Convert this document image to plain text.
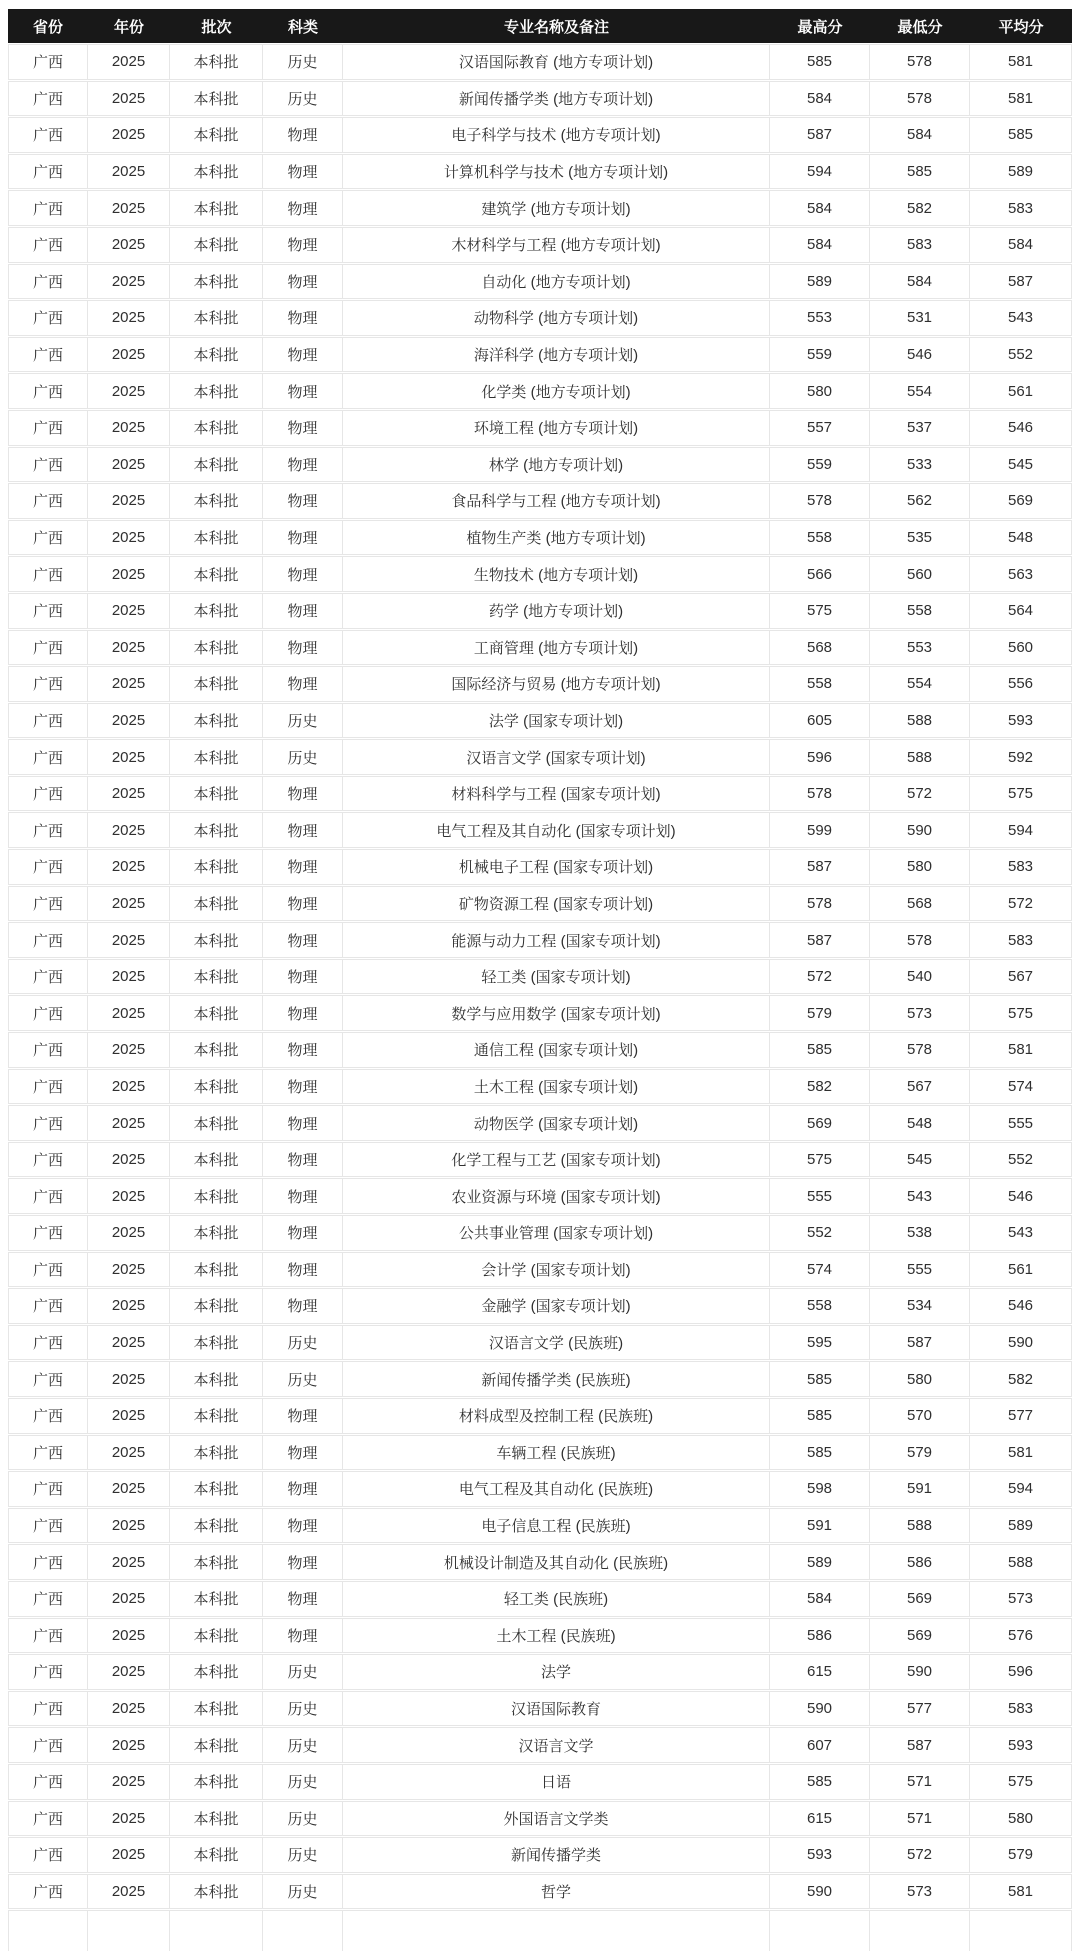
省份	年份	批次	科类	专业名称及备注	最高分	最低分	平均分
广西	2025	本科批	历史	汉语国际教育 (地方专项计划)	585	578	581
广西	2025	本科批	历史	新闻传播学类 (地方专项计划)	584	578	581
广西	2025	本科批	物理	电子科学与技术 (地方专项计划)	587	584	585
广西	2025	本科批	物理	计算机科学与技术 (地方专项计划)	594	585	589
广西	2025	本科批	物理	建筑学 (地方专项计划)	584	582	583
广西	2025	本科批	物理	木材科学与工程 (地方专项计划)	584	583	584
广西	2025	本科批	物理	自动化 (地方专项计划)	589	584	587
广西	2025	本科批	物理	动物科学 (地方专项计划)	553	531	543
广西	2025	本科批	物理	海洋科学 (地方专项计划)	559	546	552
广西	2025	本科批	物理	化学类 (地方专项计划)	580	554	561
广西	2025	本科批	物理	环境工程 (地方专项计划)	557	537	546
广西	2025	本科批	物理	林学 (地方专项计划)	559	533	545
广西	2025	本科批	物理	食品科学与工程 (地方专项计划)	578	562	569
广西	2025	本科批	物理	植物生产类 (地方专项计划)	558	535	548
广西	2025	本科批	物理	生物技术 (地方专项计划)	566	560	563
广西	2025	本科批	物理	药学 (地方专项计划)	575	558	564
广西	2025	本科批	物理	工商管理 (地方专项计划)	568	553	560
广西	2025	本科批	物理	国际经济与贸易 (地方专项计划)	558	554	556
广西	2025	本科批	历史	法学 (国家专项计划)	605	588	593
广西	2025	本科批	历史	汉语言文学 (国家专项计划)	596	588	592
广西	2025	本科批	物理	材料科学与工程 (国家专项计划)	578	572	575
广西	2025	本科批	物理	电气工程及其自动化 (国家专项计划)	599	590	594
广西	2025	本科批	物理	机械电子工程 (国家专项计划)	587	580	583
广西	2025	本科批	物理	矿物资源工程 (国家专项计划)	578	568	572
广西	2025	本科批	物理	能源与动力工程 (国家专项计划)	587	578	583
广西	2025	本科批	物理	轻工类 (国家专项计划)	572	540	567
广西	2025	本科批	物理	数学与应用数学 (国家专项计划)	579	573	575
广西	2025	本科批	物理	通信工程 (国家专项计划)	585	578	581
广西	2025	本科批	物理	土木工程 (国家专项计划)	582	567	574
广西	2025	本科批	物理	动物医学 (国家专项计划)	569	548	555
广西	2025	本科批	物理	化学工程与工艺 (国家专项计划)	575	545	552
广西	2025	本科批	物理	农业资源与环境 (国家专项计划)	555	543	546
广西	2025	本科批	物理	公共事业管理 (国家专项计划)	552	538	543
广西	2025	本科批	物理	会计学 (国家专项计划)	574	555	561
广西	2025	本科批	物理	金融学 (国家专项计划)	558	534	546
广西	2025	本科批	历史	汉语言文学 (民族班)	595	587	590
广西	2025	本科批	历史	新闻传播学类 (民族班)	585	580	582
广西	2025	本科批	物理	材料成型及控制工程 (民族班)	585	570	577
广西	2025	本科批	物理	车辆工程 (民族班)	585	579	581
广西	2025	本科批	物理	电气工程及其自动化 (民族班)	598	591	594
广西	2025	本科批	物理	电子信息工程 (民族班)	591	588	589
广西	2025	本科批	物理	机械设计制造及其自动化 (民族班)	589	586	588
广西	2025	本科批	物理	轻工类 (民族班)	584	569	573
广西	2025	本科批	物理	土木工程 (民族班)	586	569	576
广西	2025	本科批	历史	法学	615	590	596
广西	2025	本科批	历史	汉语国际教育	590	577	583
广西	2025	本科批	历史	汉语言文学	607	587	593
广西	2025	本科批	历史	日语	585	571	575
广西	2025	本科批	历史	外国语言文学类	615	571	580
广西	2025	本科批	历史	新闻传播学类	593	572	579
广西	2025	本科批	历史	哲学	590	573	581
